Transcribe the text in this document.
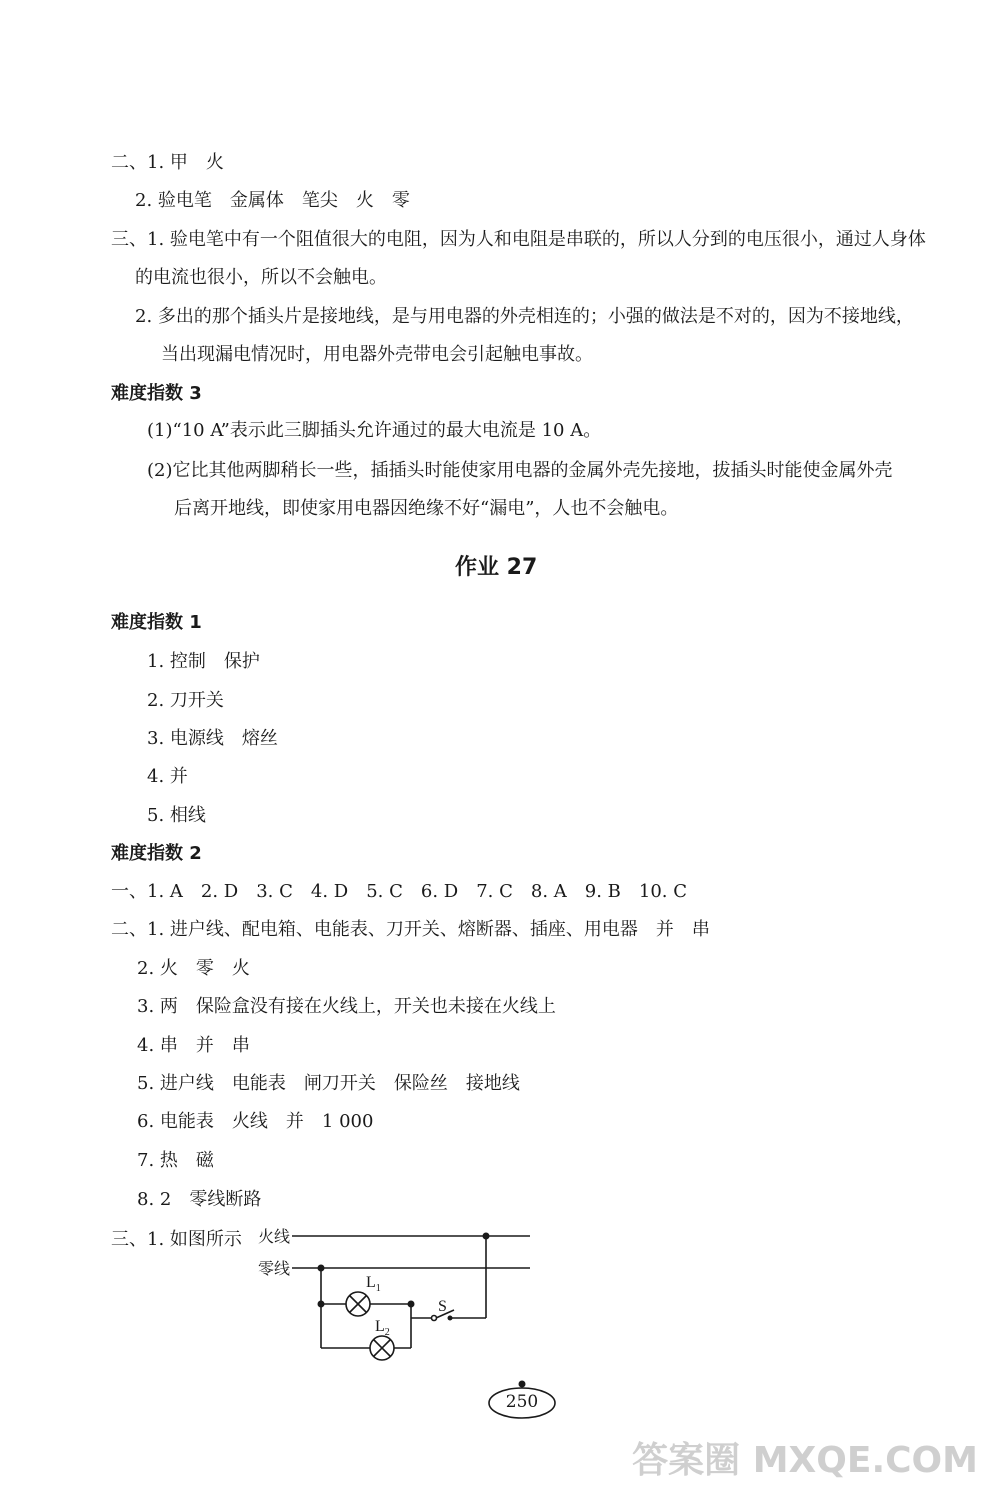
二、1. 甲　火
2. 验电笔　金属体　笔尖　火　零
三、1. 验电笔中有一个阻值很大的电阻，因为人和电阻是串联的，所以人分到的电压很小，通过人身体
的电流也很小，所以不会触电。
2. 多出的那个插头片是接地线，是与用电器的外壳相连的；小强的做法是不对的，因为不接地线，
当出现漏电情况时，用电器外壳带电会引起触电事故。
难度指数 3
(1)“10 A”表示此三脚插头允许通过的最大电流是 10 A。
(2)它比其他两脚稍长一些，插插头时能使家用电器的金属外壳先接地，拔插头时能使金属外壳
后离开地线，即使家用电器因绝缘不好“漏电”，人也不会触电。
作业 27
难度指数 1
1. 控制　保护
2. 刀开关
3. 电源线　熔丝
4. 并
5. 相线
难度指数 2
一、1. A　2. D　3. C　4. D　5. C　6. D　7. C　8. A　9. B　10. C
二、1. 进户线、配电箱、电能表、刀开关、熔断器、插座、用电器　并　串
2. 火　零　火
3. 两　保险盒没有接在火线上，开关也未接在火线上
4. 串　并　串
5. 进户线　电能表　闸刀开关　保险丝　接地线
6. 电能表　火线　并　1 000
7. 热　磁
8. 2　零线断路
三、1. 如图所示 火线
零线
$L_1$
$L_2$
S
250
答案圈 MXQE.COM
